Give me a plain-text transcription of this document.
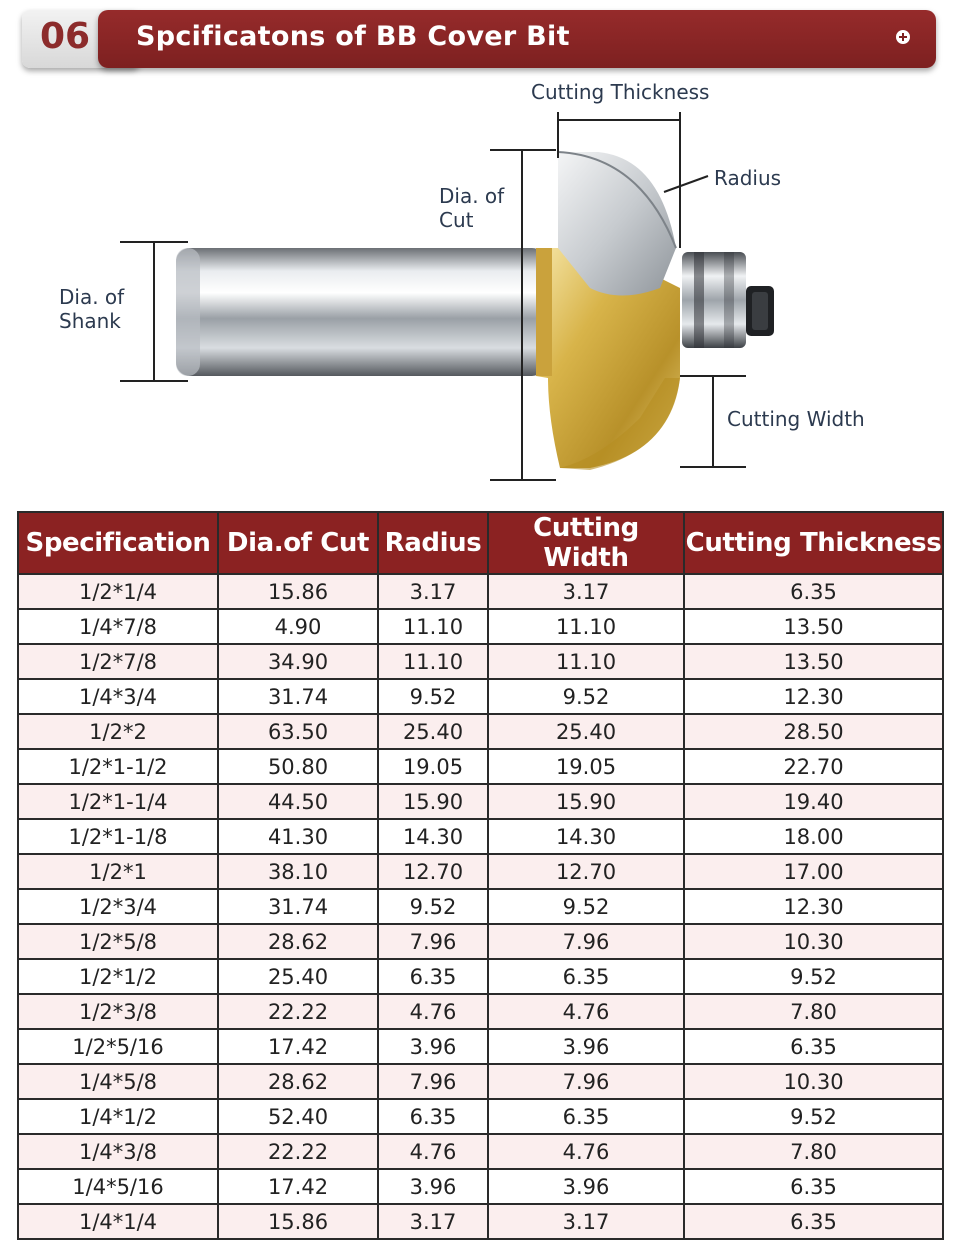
06 Spcificatons of BB Cover Bit
Cutting Thickness
Radius
Dia. of
Cut
Dia. of
Shank
Cutting Width
Specification	Dia.of Cut	Radius	Cutting Width	Cutting Thickness
1/2*1/4	15.86	3.17	3.17	6.35
1/4*7/8	4.90	11.10	11.10	13.50
1/2*7/8	34.90	11.10	11.10	13.50
1/4*3/4	31.74	9.52	9.52	12.30
1/2*2	63.50	25.40	25.40	28.50
1/2*1-1/2	50.80	19.05	19.05	22.70
1/2*1-1/4	44.50	15.90	15.90	19.40
1/2*1-1/8	41.30	14.30	14.30	18.00
1/2*1	38.10	12.70	12.70	17.00
1/2*3/4	31.74	9.52	9.52	12.30
1/2*5/8	28.62	7.96	7.96	10.30
1/2*1/2	25.40	6.35	6.35	9.52
1/2*3/8	22.22	4.76	4.76	7.80
1/2*5/16	17.42	3.96	3.96	6.35
1/4*5/8	28.62	7.96	7.96	10.30
1/4*1/2	52.40	6.35	6.35	9.52
1/4*3/8	22.22	4.76	4.76	7.80
1/4*5/16	17.42	3.96	3.96	6.35
1/4*1/4	15.86	3.17	3.17	6.35
